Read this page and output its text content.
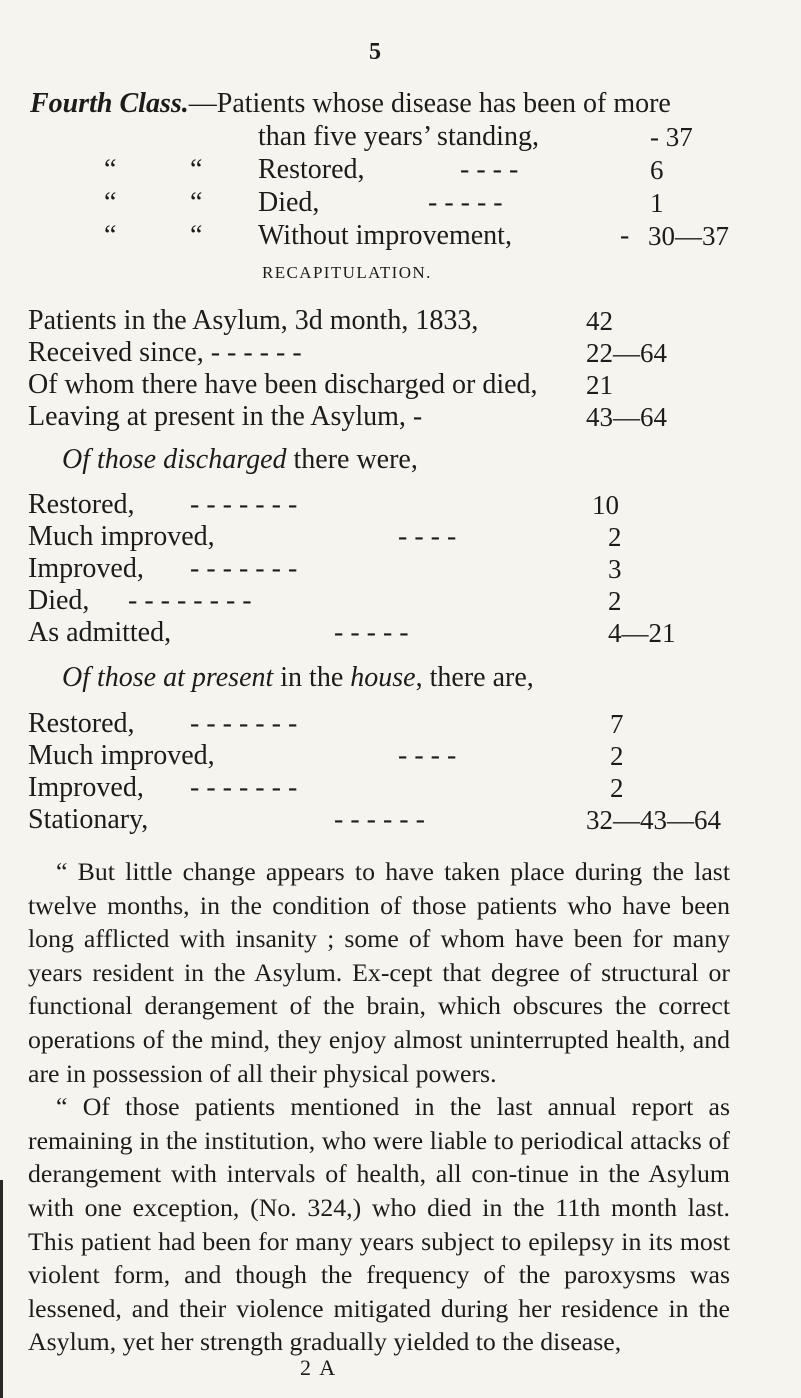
5
Fourth Class.—Patients whose disease has been of more
than five years’ standing,	- 37
“	“ Restored,	- - - -	6
“	“ Died,	- - - - -	1
“	“ Without improvement,	- 30—37
RECAPITULATION.
Patients in the Asylum, 3d month, 1833,	42
Received since, - - - - - -	22—64
Of whom there have been discharged or died, 21
Leaving at present in the Asylum, -	43—64
Of those discharged there were,
Restored, - - - - - - -	10
Much improved,	- - - -	2
Improved, - - - - - - -	3
Died, - - - - - - - -	2
As admitted,	- - - - -	4—21
Of those at present in the house, there are,
Restored, - - - - - - -	7
Much improved,	- - - -	2
Improved, - - - - - - -	2
Stationary,	- - - - - -	32—43—64

“ But little change appears to have taken place during the last twelve months, in the condition of those patients who have been long afflicted with insanity ; some of whom have been for many years resident in the Asylum. Ex-cept that degree of structural or functional derangement of the brain, which obscures the correct operations of the mind, they enjoy almost uninterrupted health, and are in possession of all their physical powers.

“ Of those patients mentioned in the last annual report as remaining in the institution, who were liable to periodical attacks of derangement with intervals of health, all con-tinue in the Asylum with one exception, (No. 324,) who died in the 11th month last. This patient had been for many years subject to epilepsy in its most violent form, and though the frequency of the paroxysms was lessened, and their violence mitigated during her residence in the Asylum, yet her strength gradually yielded to the disease,

2 A
